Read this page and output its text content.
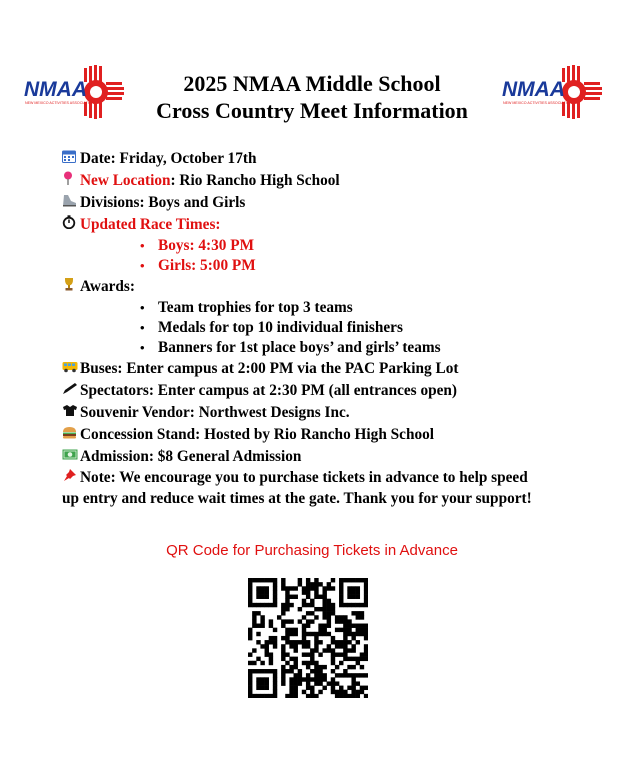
NMAA
NEW MEXICO ACTIVITIES ASSOCIATION
2025 NMAA Middle School
Cross Country Meet Information
NMAA
NEW MEXICO ACTIVITIES ASSOCIATION
Date: Friday, October 17th
New Location: Rio Rancho High School
Divisions: Boys and Girls
Updated Race Times:
• Boys: 4:30 PM
• Girls: 5:00 PM
Awards:
• Team trophies for top 3 teams
• Medals for top 10 individual finishers
• Banners for 1st place boys’ and girls’ teams
Buses: Enter campus at 2:00 PM via the PAC Parking Lot
Spectators: Enter campus at 2:30 PM (all entrances open)
Souvenir Vendor: Northwest Designs Inc.
Concession Stand: Hosted by Rio Rancho High School
Admission: $8 General Admission
Note: We encourage you to purchase tickets in advance to help speed up entry and reduce wait times at the gate. Thank you for your support!
QR Code for Purchasing Tickets in Advance
